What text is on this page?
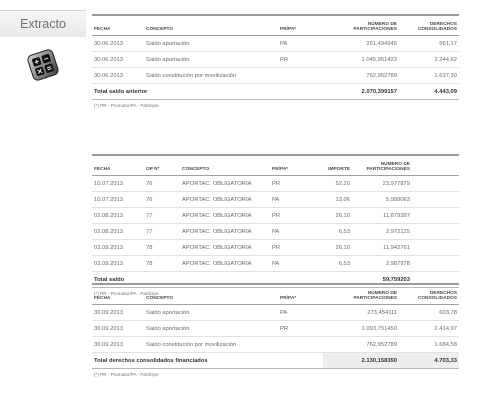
Extracto	FECHA	CONCEPTO	PR/PA*	NÚMERO DE PARTICIPACIONES	DERECHOS CONSOLIDADOS
30.06.2013	Saldo aportación	PA	261,494945	561,17
30.06.2013	Saldo aportación	PR	1.045,951423	2.244,62
30.06.2013	Saldo constitución por movilización		762,952789	1.637,30
Total saldo anterior			2.070,399157	4.443,09
(*) PR - Promotor/PA - Partícipe
FECHA	OP Nº	CONCEPTO	PR/PA*	IMPORTE	NÚMERO DE PARTICIPACIONES	
10.07.2013	76	APORTAC. OBLIGATORIA	PR	52,20	23,977879	
10.07.2013	76	APORTAC. OBLIGATORIA	PA	13,06	5,999063	
02.08.2013	77	APORTAC. OBLIGATORIA	PR	26,10	11,879397	
02.08.2013	77	APORTAC. OBLIGATORIA	PA	6,53	2,972125	
03.09.2013	78	APORTAC. OBLIGATORIA	PR	26,10	11,942761	
03.09.2013	78	APORTAC. OBLIGATORIA	PA	6,53	2,987978	
Total saldo					59,759203	
(*) PR - Promotor/PA - Partícipe
FECHA	CONCEPTO	PR/PA*	NÚMERO DE PARTICIPACIONES	DERECHOS CONSOLIDADOS
30.09.2013	Saldo aportación	PA	273,454111	603,78
30.09.2013	Saldo aportación	PR	1.093,751450	2.414,97
30.09.2013	Saldo constitución por movilización		762,952789	1.684,58
Total derechos consolidados financiados			2.130,158350	4.703,33
(*) PR - Promotor/PA - Partícipe
